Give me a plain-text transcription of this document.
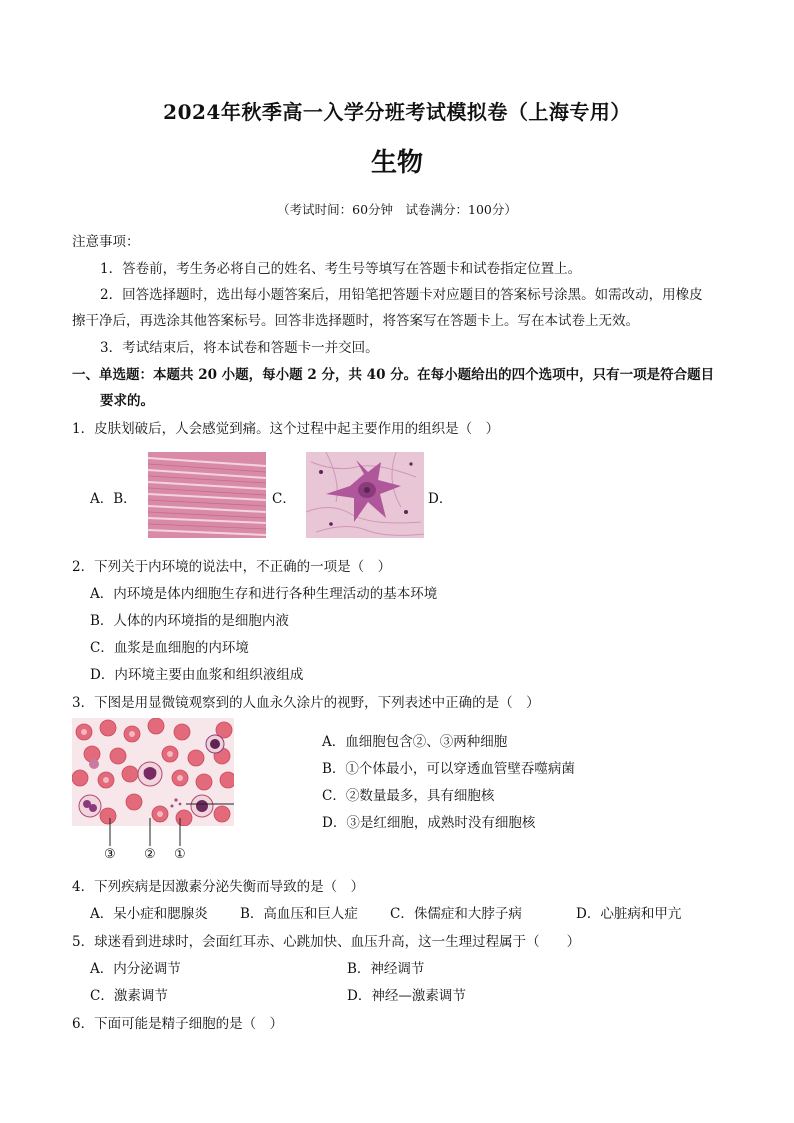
2024年秋季高一入学分班考试模拟卷（上海专用）
生物
（考试时间：60分钟　试卷满分：100分）
注意事项：
1．答卷前，考生务必将自己的姓名、考生号等填写在答题卡和试卷指定位置上。
2．回答选择题时，选出每小题答案后，用铅笔把答题卡对应题目的答案标号涂黑。如需改动，用橡皮
擦干净后，再选涂其他答案标号。回答非选择题时，将答案写在答题卡上。写在本试卷上无效。
3．考试结束后，将本试卷和答题卡一并交回。
一、单选题：本题共 20 小题，每小题 2 分，共 40 分。在每小题给出的四个选项中，只有一项是符合题目
要求的。
1．皮肤划破后，人会感觉到痛。这个过程中起主要作用的组织是（　）
A．B．	C．	D．
2．下列关于内环境的说法中，不正确的一项是（　）
A．内环境是体内细胞生存和进行各种生理活动的基本环境
B．人体的内环境指的是细胞内液
C．血浆是血细胞的内环境
D．内环境主要由血浆和组织液组成
3．下图是用显微镜观察到的人血永久涂片的视野，下列表述中正确的是（　）
③ ② ①
A．血细胞包含②、③两种细胞
B．①个体最小，可以穿透血管壁吞噬病菌
C．②数量最多，具有细胞核
D．③是红细胞，成熟时没有细胞核
4．下列疾病是因激素分泌失衡而导致的是（　）
A．呆小症和腮腺炎 B．高血压和巨人症 C．侏儒症和大脖子病	D．心脏病和甲亢
5．球迷看到进球时，会面红耳赤、心跳加快、血压升高，这一生理过程属于（　　）
A．内分泌调节	B．神经调节
C．激素调节	D．神经—激素调节
6．下面可能是精子细胞的是（　）
